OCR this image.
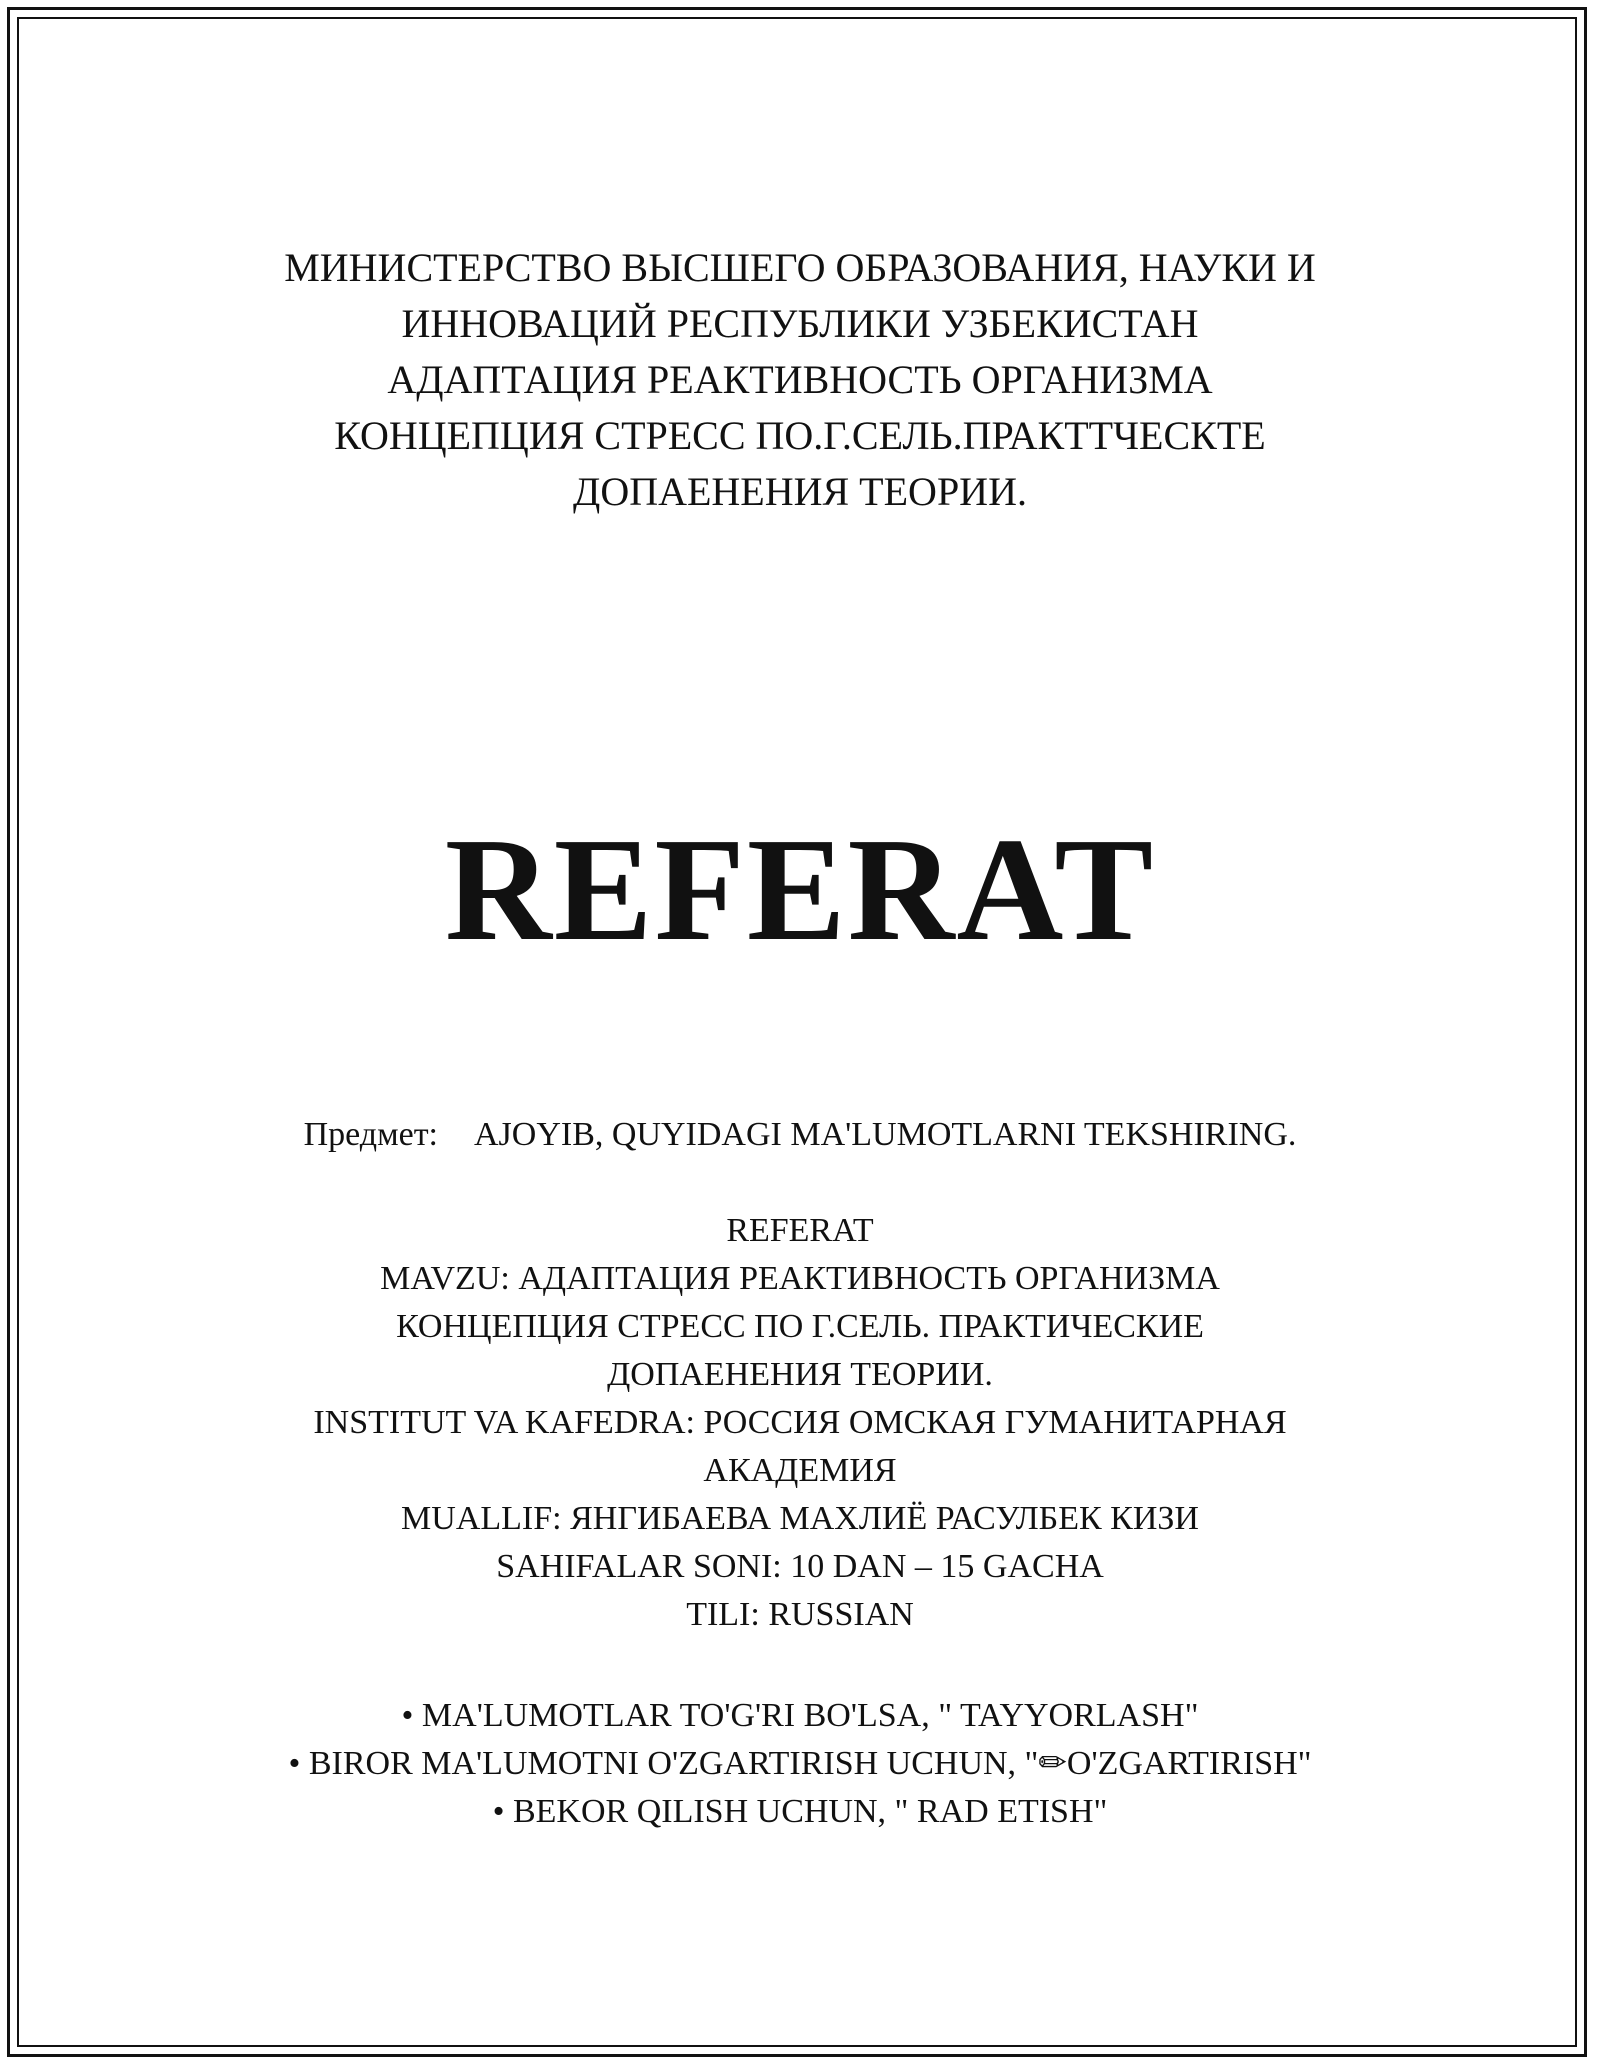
МИНИСТЕРСТВО ВЫСШЕГО ОБРАЗОВАНИЯ, НАУКИ И
ИННОВАЦИЙ РЕСПУБЛИКИ УЗБЕКИСТАН
АДАПТАЦИЯ РЕАКТИВНОСТЬ ОРГАНИЗМА
КОНЦЕПЦИЯ СТРЕСС ПО.Г.СЕЛЬ.ПРАКТТЧЕСКТЕ
ДОПАЕНЕНИЯ ТЕОРИИ.
REFERAT
Предмет: AJOYIB, QUYIDAGI MA'LUMOTLARNI TEKSHIRING.
REFERAT
MAVZU: АДАПТАЦИЯ РЕАКТИВНОСТЬ ОРГАНИЗМА
КОНЦЕПЦИЯ СТРЕСС ПО Г.СЕЛЬ. ПРАКТИЧЕСКИЕ
ДОПАЕНЕНИЯ ТЕОРИИ.
INSTITUT VA KAFEDRA: РОССИЯ ОМСКАЯ ГУМАНИТАРНАЯ
АКАДЕМИЯ
MUALLIF: ЯНГИБАЕВА МАХЛИЁ РАСУЛБЕК КИЗИ
SAHIFALAR SONI: 10 DAN – 15 GACHA
TILI: RUSSIAN
• MA'LUMOTLAR TO'G'RI BO'LSA, " TAYYORLASH"
• BIROR MA'LUMOTNI O'ZGARTIRISH UCHUN, "✏O'ZGARTIRISH"
• BEKOR QILISH UCHUN, " RAD ETISH"
